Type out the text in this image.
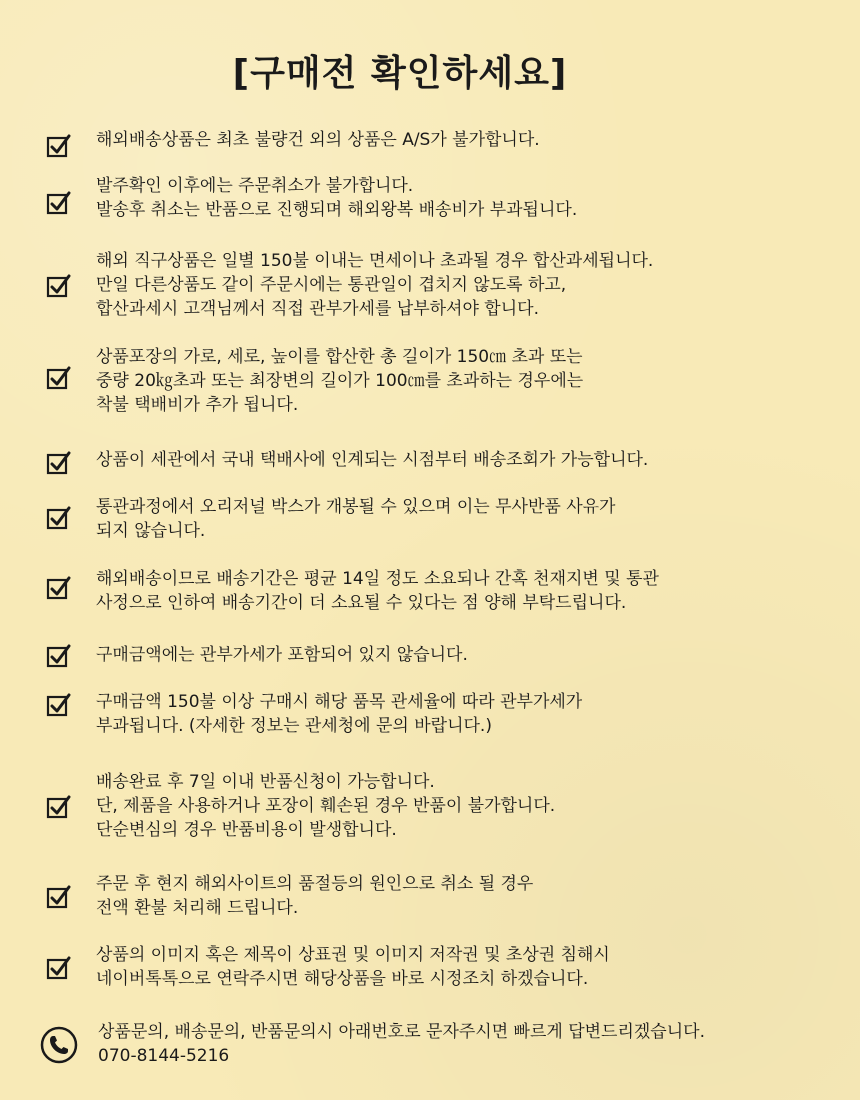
[구매전 확인하세요]
해외배송상품은 최초 불량건 외의 상품은 A/S가 불가합니다.
발주확인 이후에는 주문취소가 불가합니다.
발송후 취소는 반품으로 진행되며 해외왕복 배송비가 부과됩니다.
해외 직구상품은 일별 150불 이내는 면세이나 초과될 경우 합산과세됩니다.
만일 다른상품도 같이 주문시에는 통관일이 겹치지 않도록 하고,
합산과세시 고객님께서 직접 관부가세를 납부하셔야 합니다.
상품포장의 가로, 세로, 높이를 합산한 총 길이가 150㎝ 초과 또는
중량 20㎏초과 또는 최장변의 길이가 100㎝를 초과하는 경우에는
착불 택배비가 추가 됩니다.
상품이 세관에서 국내 택배사에 인계되는 시점부터 배송조회가 가능합니다.
통관과정에서 오리저널 박스가 개봉될 수 있으며 이는 무사반품 사유가
되지 않습니다.
해외배송이므로 배송기간은 평균 14일 정도 소요되나 간혹 천재지변 및 통관
사정으로 인하여 배송기간이 더 소요될 수 있다는 점 양해 부탁드립니다.
구매금액에는 관부가세가 포함되어 있지 않습니다.
구매금액 150불 이상 구매시 해당 품목 관세율에 따라 관부가세가
부과됩니다. (자세한 정보는 관세청에 문의 바랍니다.)
배송완료 후 7일 이내 반품신청이 가능합니다.
단, 제품을 사용하거나 포장이 훼손된 경우 반품이 불가합니다.
단순변심의 경우 반품비용이 발생합니다.
주문 후 현지 해외사이트의 품절등의 원인으로 취소 될 경우
전액 환불 처리해 드립니다.
상품의 이미지 혹은 제목이 상표권 및 이미지 저작권 및 초상권 침해시
네이버톡톡으로 연락주시면 해당상품을 바로 시정조치 하겠습니다.
상품문의, 배송문의, 반품문의시 아래번호로 문자주시면 빠르게 답변드리겠습니다.
070-8144-5216
